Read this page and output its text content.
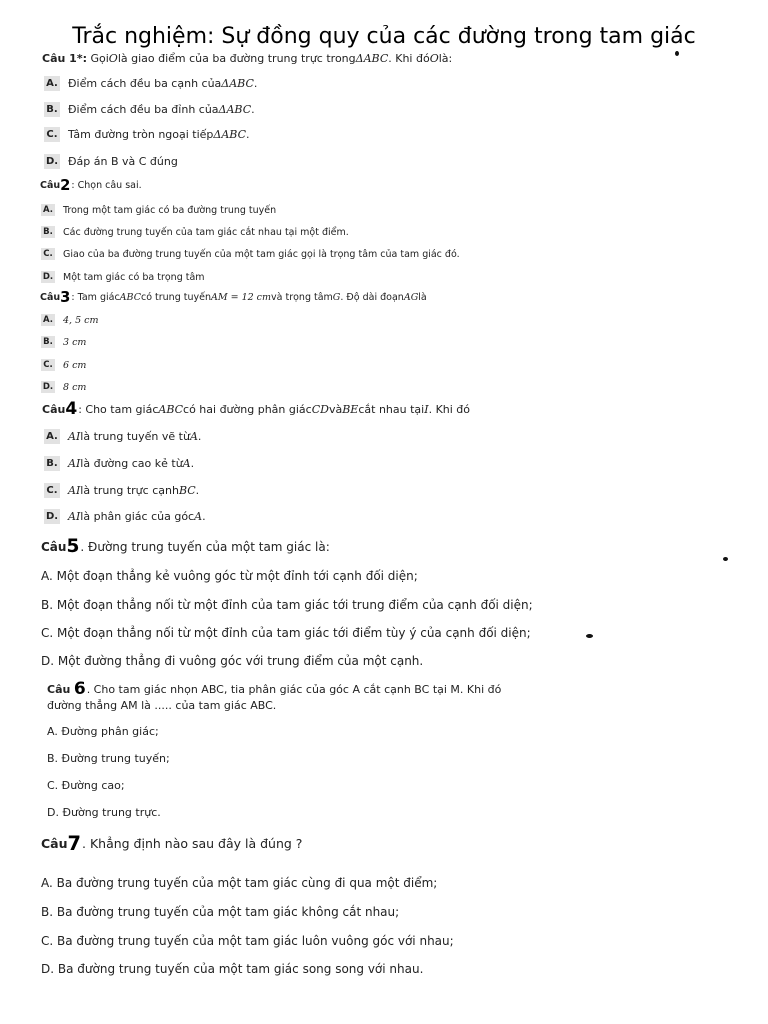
Trắc nghiệm: Sự đồng quy của các đường trong tam giác
Câu 1 *:
Gọi O là giao điểm của ba đường trung trực trong ΔABC . Khi đó O là:
A. Điểm cách đều ba cạnh của ΔABC .
B. Điểm cách đều ba đỉnh của ΔABC .
C. Tâm đường tròn ngoại tiếp ΔABC .
D. Đáp án B và C đúng
Câu 2 : Chọn câu sai.
A. Trong một tam giác có ba đường trung tuyến
B. Các đường trung tuyến của tam giác cắt nhau tại một điểm.
C. Giao của ba đường trung tuyến của một tam giác gọi là trọng tâm của tam giác đó.
D. Một tam giác có ba trọng tâm
Câu 3 : Tam giác ABC có trung tuyến AM = 12 cm và trọng tâm G . Độ dài đoạn AG là
A. 4, 5 cm
B. 3 cm
C. 6 cm
D. 8 cm
Câu 4 : Cho tam giác ABC có hai đường phân giác CD và BE cắt nhau tại I . Khi đó
A. AI là trung tuyến vẽ từ A .
B. AI là đường cao kẻ từ A .
C. AI là trung trực cạnh BC .
D. AI là phân giác của góc A .
Câu 5 . Đường trung tuyến của một tam giác là:
A. Một đoạn thẳng kẻ vuông góc từ một đỉnh tới cạnh đối diện;
B. Một đoạn thẳng nối từ một đỉnh của tam giác tới trung điểm của cạnh đối diện;
C. Một đoạn thẳng nối từ một đỉnh của tam giác tới điểm tùy ý của cạnh đối diện;
D. Một đường thẳng đi vuông góc với trung điểm của một cạnh.
Câu
6 . Cho tam giác nhọn ABC, tia phân giác của góc A cắt cạnh BC tại M. Khi đó
đường thẳng AM là ..... của tam giác ABC.
A. Đường phân giác;
B. Đường trung tuyến;
C. Đường cao;
D. Đường trung trực.
Câu 7 . Khẳng định nào sau đây là đúng ?
A. Ba đường trung tuyến của một tam giác cùng đi qua một điểm;
B. Ba đường trung tuyến của một tam giác không cắt nhau;
C. Ba đường trung tuyến của một tam giác luôn vuông góc với nhau;
D. Ba đường trung tuyến của một tam giác song song với nhau.
